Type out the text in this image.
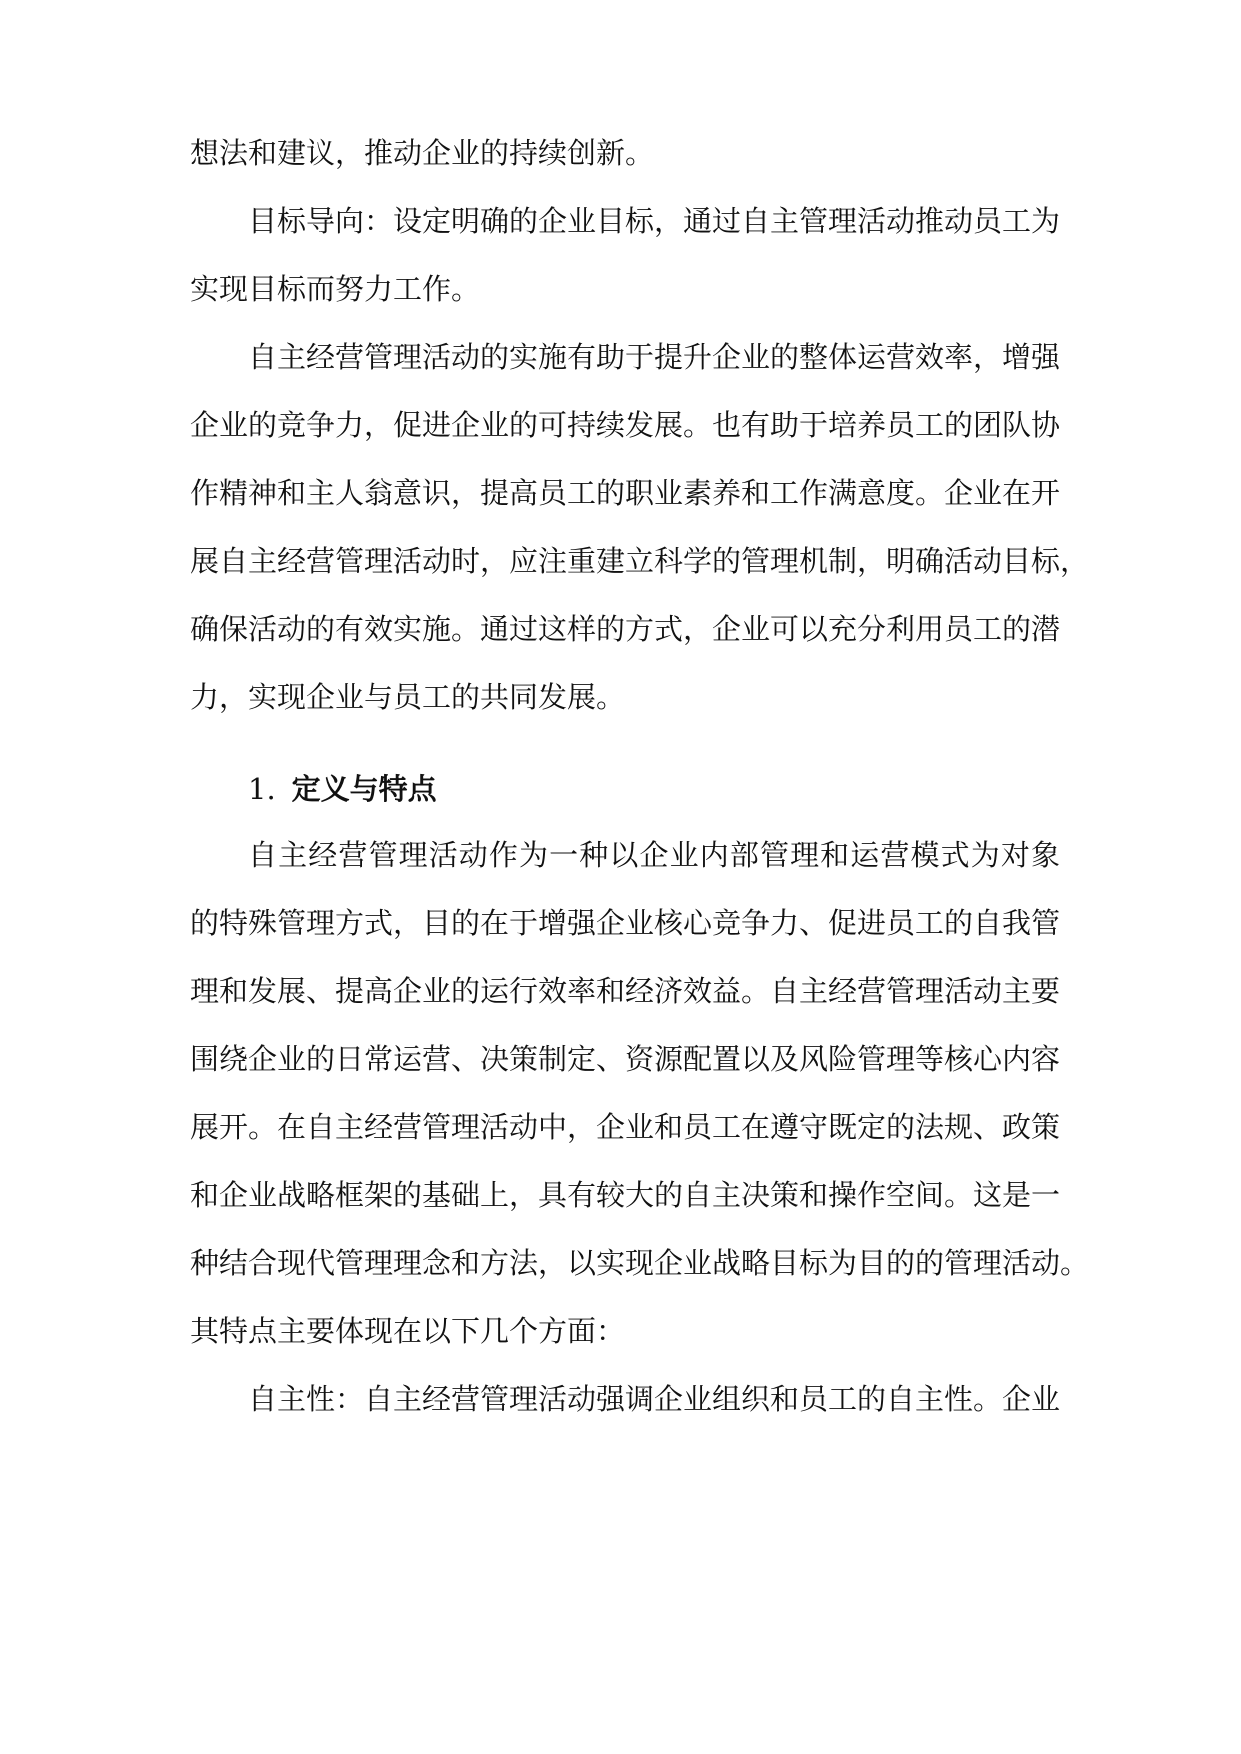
想法和建议，推动企业的持续创新。
目标导向：设定明确的企业目标，通过自主管理活动推动员工为
实现目标而努力工作。
自主经营管理活动的实施有助于提升企业的整体运营效率，增强
企业的竞争力，促进企业的可持续发展。也有助于培养员工的团队协
作精神和主人翁意识，提高员工的职业素养和工作满意度。企业在开
展自主经营管理活动时，应注重建立科学的管理机制，明确活动目标，
确保活动的有效实施。通过这样的方式，企业可以充分利用员工的潜
力，实现企业与员工的共同发展。
1. 定义与特点
自主经营管理活动作为一种以企业内部管理和运营模式为对象
的特殊管理方式，目的在于增强企业核心竞争力、促进员工的自我管
理和发展、提高企业的运行效率和经济效益。自主经营管理活动主要
围绕企业的日常运营、决策制定、资源配置以及风险管理等核心内容
展开。在自主经营管理活动中，企业和员工在遵守既定的法规、政策
和企业战略框架的基础上，具有较大的自主决策和操作空间。这是一
种结合现代管理理念和方法，以实现企业战略目标为目的的管理活动。
其特点主要体现在以下几个方面：
自主性：自主经营管理活动强调企业组织和员工的自主性。企业
